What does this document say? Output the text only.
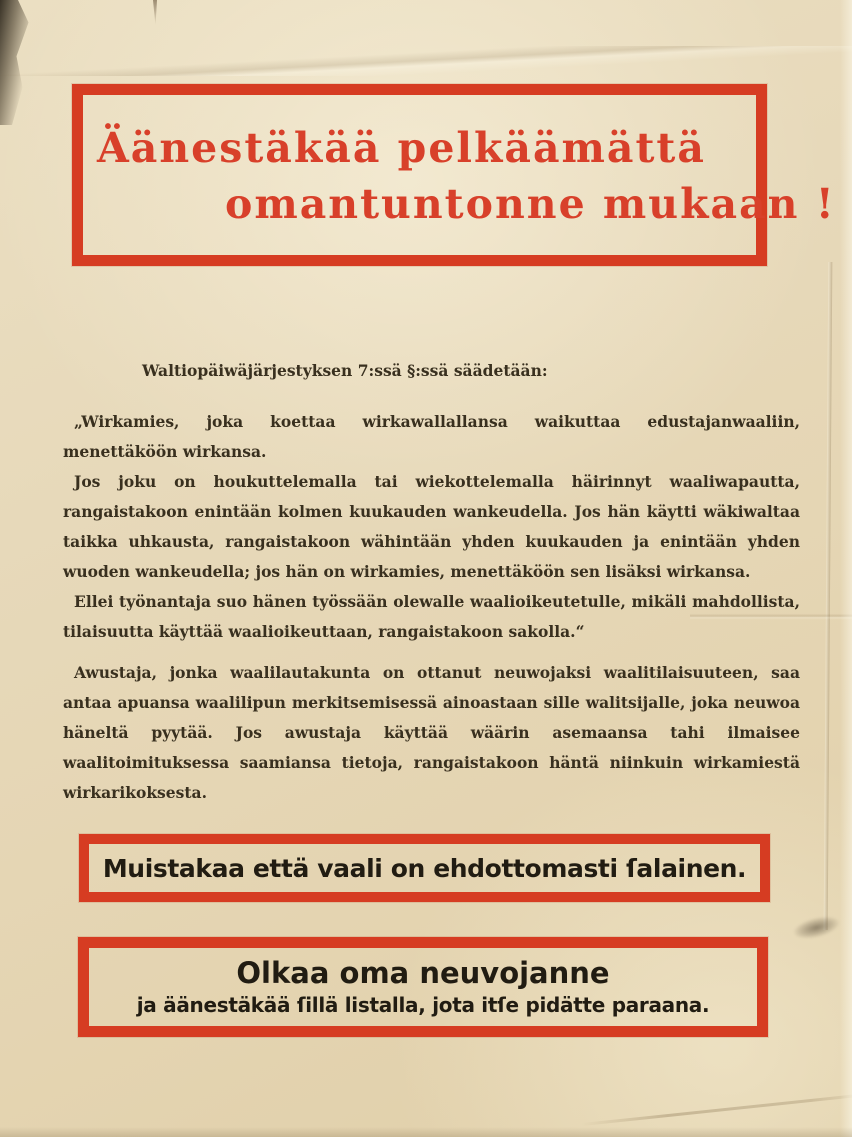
Äänestäkää pelkäämättä
omantuntonne mukaan !

Waltiopäiwäjärjestyksen 7:ssä §:ssä säädetään:

„Wirkamies, joka koettaa wirkawallallansa waikuttaa edustajanwaaliin, menettäköön wirkansa.

Jos joku on houkuttelemalla tai wiekottelemalla häirinnyt waaliwapautta, rangaistakoon enintään kolmen kuukauden wankeudella. Jos hän käytti wäkiwaltaa taikka uhkausta, rangaistakoon wähintään yhden kuukauden ja enintään yhden wuoden wankeudella; jos hän on wirkamies, menettäköön sen lisäksi wirkansa.

Ellei työnantaja suo hänen työssään olewalle waalioikeutetulle, mikäli mahdollista, tilaisuutta käyttää waalioikeuttaan, rangaistakoon sakolla.“

Awustaja, jonka waalilautakunta on ottanut neuwojaksi waalitilaisuuteen, saa antaa apuansa waalilipun merkitsemisessä ainoastaan sille walitsijalle, joka neuwoa häneltä pyytää. Jos awustaja käyttää wäärin asemaansa tahi ilmaisee waalitoimituksessa saamiansa tietoja, rangaistakoon häntä niinkuin wirkamiestä wirkarikoksesta.

Muistakaa että vaali on ehdottomasti ſalainen.
Olkaa oma neuvojanne
ja äänestäkää ſillä listalla, jota itſe pidätte paraana.
